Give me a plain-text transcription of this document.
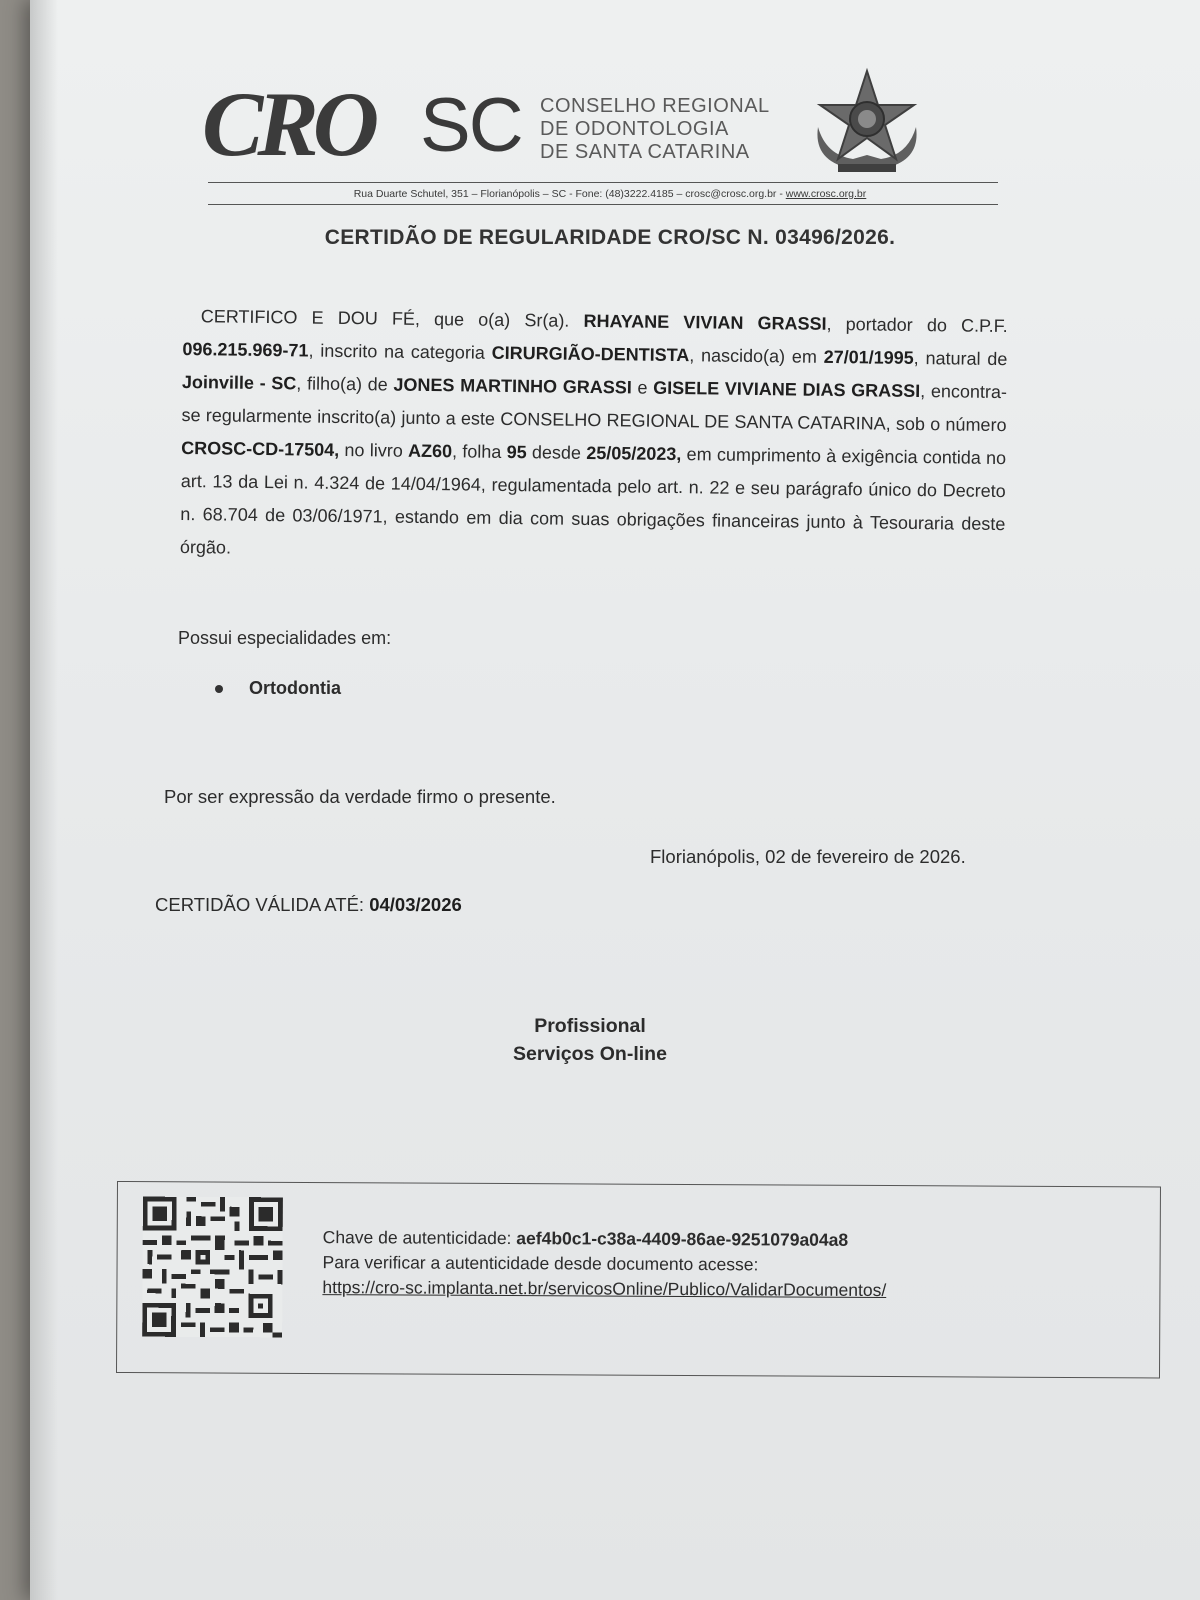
CRO SC CONSELHO REGIONAL
DE ODONTOLOGIA
DE SANTA CATARINA
Rua Duarte Schutel, 351 – Florianópolis – SC - Fone: (48)3222.4185 – crosc@crosc.org.br - www.crosc.org.br
CERTIDÃO DE REGULARIDADE CRO/SC N. 03496/2026.

CERTIFICO E DOU FÉ, que o(a) Sr(a). RHAYANE VIVIAN GRASSI, portador do C.P.F. 096.215.969-71, inscrito na categoria CIRURGIÃO-DENTISTA, nascido(a) em 27/01/1995, natural de Joinville - SC, filho(a) de JONES MARTINHO GRASSI e GISELE VIVIANE DIAS GRASSI, encontra-se regularmente inscrito(a) junto a este CONSELHO REGIONAL DE SANTA CATARINA, sob o número CROSC-CD-17504, no livro AZ60, folha 95 desde 25/05/2023, em cumprimento à exigência contida no art. 13 da Lei n. 4.324 de 14/04/1964, regulamentada pelo art. n. 22 e seu parágrafo único do Decreto n. 68.704 de 03/06/1971, estando em dia com suas obrigações financeiras junto à Tesouraria deste órgão.

Possui especialidades em:
Ortodontia
Por ser expressão da verdade firmo o presente.
Florianópolis, 02 de fevereiro de 2026.
CERTIDÃO VÁLIDA ATÉ: 04/03/2026
Profissional
Serviços On-line
Chave de autenticidade: aef4b0c1-c38a-4409-86ae-9251079a04a8
Para verificar a autenticidade desde documento acesse:
https://cro-sc.implanta.net.br/servicosOnline/Publico/ValidarDocumentos/
